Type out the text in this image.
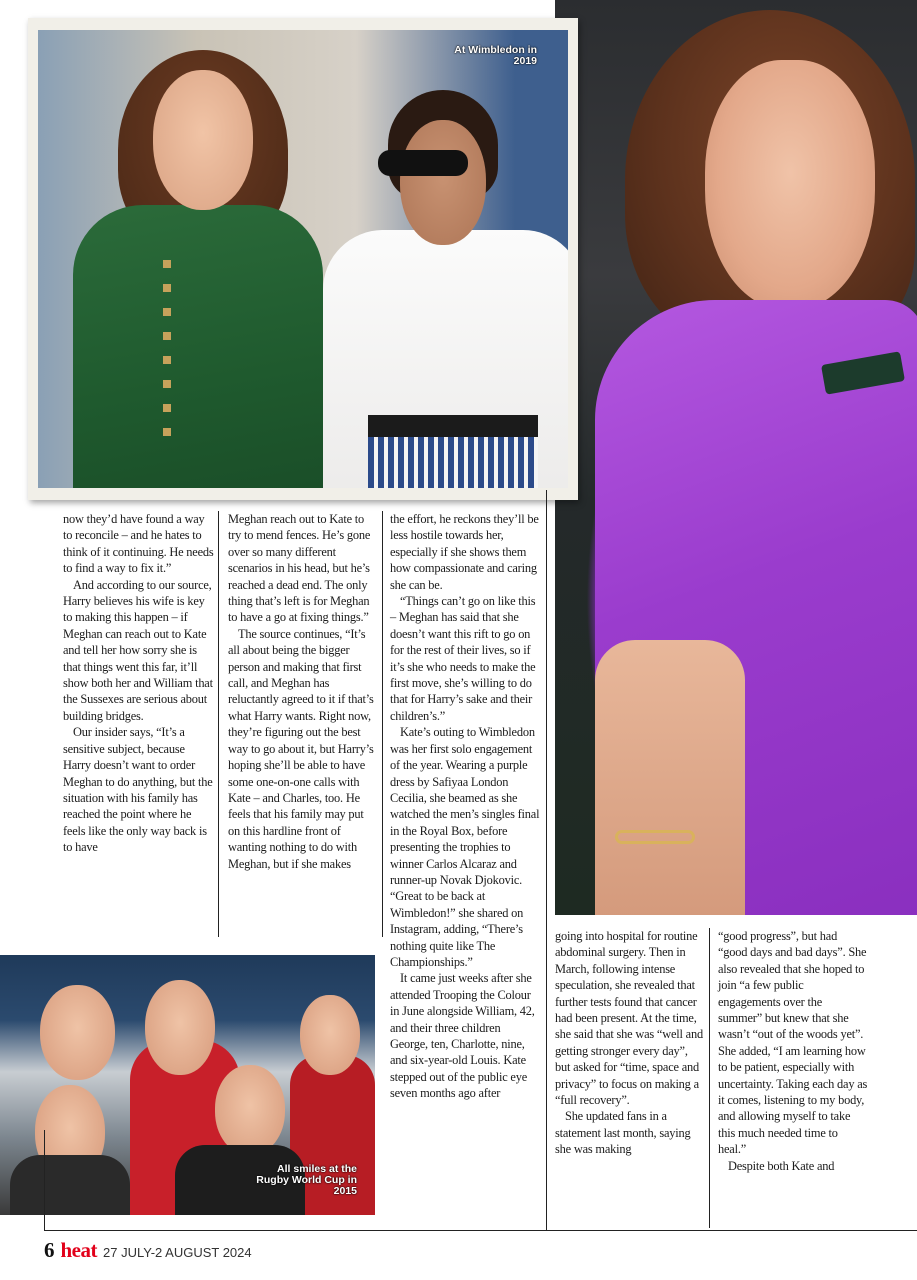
At Wimbledon in 2019
All smiles at the Rugby World Cup in 2015

now they’d have found a way to reconcile – and he hates to think of it continuing. He needs to find a way to fix it.”

And according to our source, Harry believes his wife is key to making this happen – if Meghan can reach out to Kate and tell her how sorry she is that things went this far, it’ll show both her and William that the Sussexes are serious about building bridges.

Our insider says, “It’s a sensitive subject, because Harry doesn’t want to order Meghan to do anything, but the situation with his family has reached the point where he feels like the only way back is to have

Meghan reach out to Kate to try to mend fences. He’s gone over so many different scenarios in his head, but he’s reached a dead end. The only thing that’s left is for Meghan to have a go at fixing things.”

The source continues, “It’s all about being the bigger person and making that first call, and Meghan has reluctantly agreed to it if that’s what Harry wants. Right now, they’re figuring out the best way to go about it, but Harry’s hoping she’ll be able to have some one-on-one calls with Kate – and Charles, too. He feels that his family may put on this hardline front of wanting nothing to do with Meghan, but if she makes

the effort, he reckons they’ll be less hostile towards her, especially if she shows them how compassionate and caring she can be.

“Things can’t go on like this – Meghan has said that she doesn’t want this rift to go on for the rest of their lives, so if it’s she who needs to make the first move, she’s willing to do that for Harry’s sake and their children’s.”

Kate’s outing to Wimbledon was her first solo engagement of the year. Wearing a purple dress by Safiyaa London Cecilia, she beamed as she watched the men’s singles final in the Royal Box, before presenting the trophies to winner Carlos Alcaraz and runner-up Novak Djokovic. “Great to be back at Wimbledon!” she shared on Instagram, adding, “There’s nothing quite like The Championships.”

It came just weeks after she attended Trooping the Colour in June alongside William, 42, and their three children George, ten, Charlotte, nine, and six-year-old Louis. Kate stepped out of the public eye seven months ago after

going into hospital for routine abdominal surgery. Then in March, following intense speculation, she revealed that further tests found that cancer had been present. At the time, she said that she was “well and getting stronger every day”, but asked for “time, space and privacy” to focus on making a “full recovery”.

She updated fans in a statement last month, saying she was making

“good progress”, but had “good days and bad days”. She also revealed that she hoped to join “a few public engagements over the summer” but knew that she wasn’t “out of the woods yet”. She added, “I am learning how to be patient, especially with uncertainty. Taking each day as it comes, listening to my body, and allowing myself to take this much needed time to heal.”

Despite both Kate and

6 heat 27 JULY-2 AUGUST 2024
